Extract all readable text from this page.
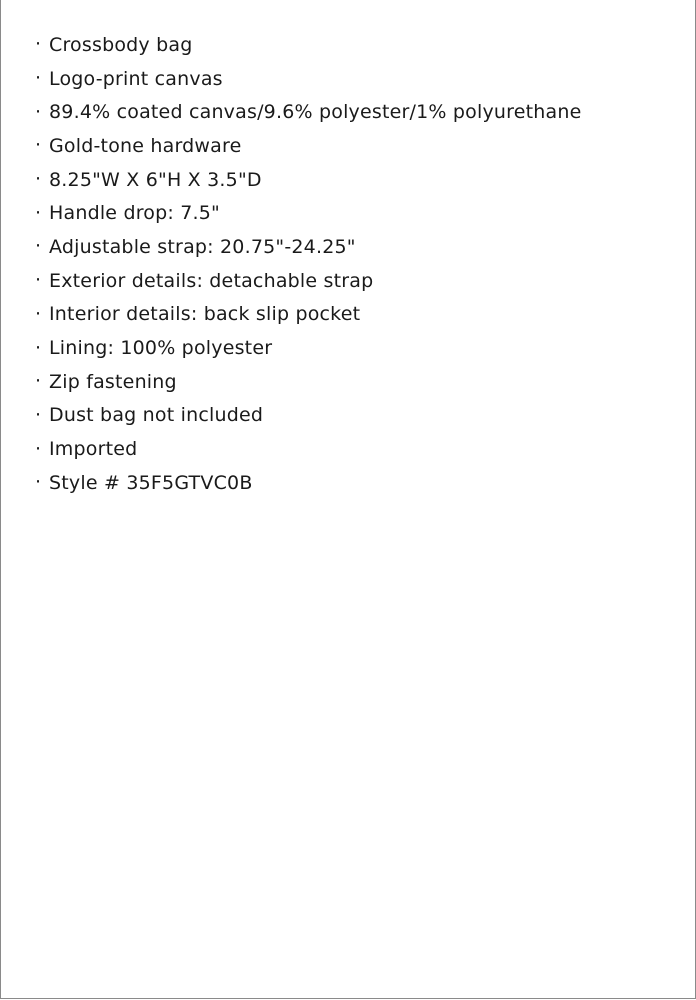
· Crossbody bag
· Logo-print canvas
· 89.4% coated canvas/9.6% polyester/1% polyurethane
· Gold-tone hardware
· 8.25"W X 6"H X 3.5"D
· Handle drop: 7.5"
· Adjustable strap: 20.75"-24.25"
· Exterior details: detachable strap
· Interior details: back slip pocket
· Lining: 100% polyester
· Zip fastening
· Dust bag not included
· Imported
· Style # 35F5GTVC0B
